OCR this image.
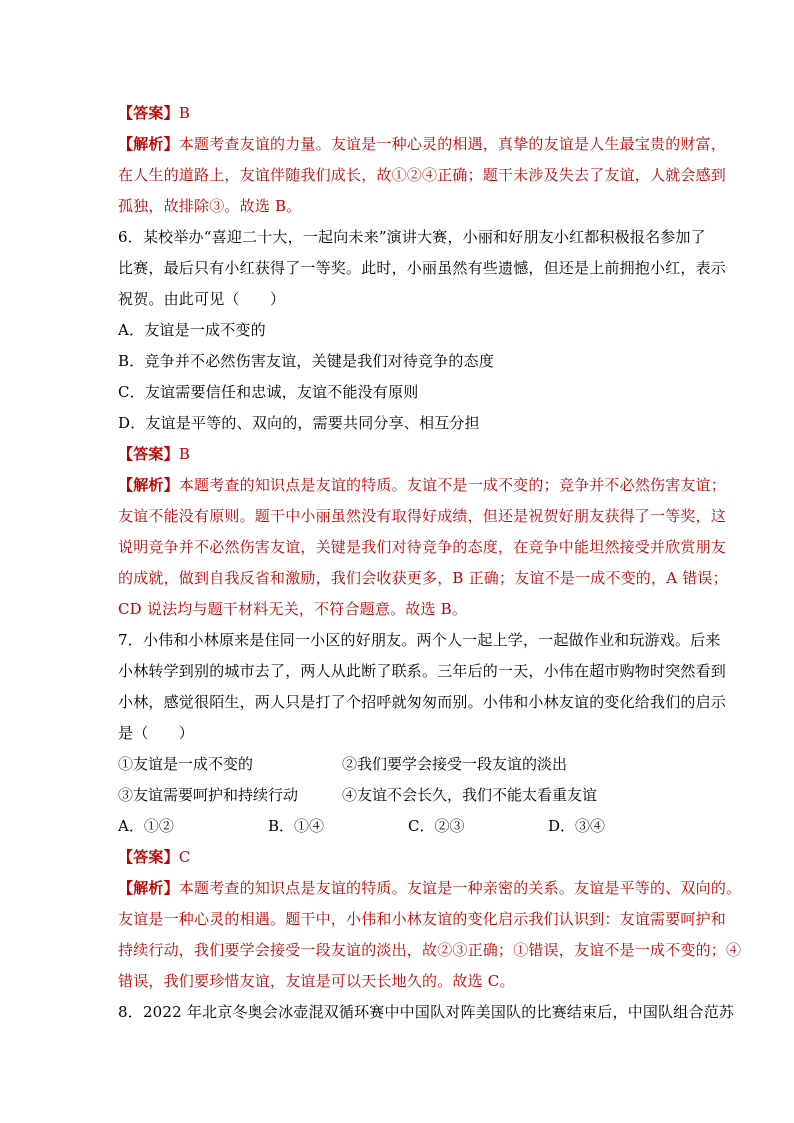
【答案】B
【解析】本题考查友谊的力量。友谊是一种心灵的相遇，真挚的友谊是人生最宝贵的财富，
在人生的道路上，友谊伴随我们成长，故①②④正确；题干未涉及失去了友谊，人就会感到
孤独，故排除③。故选 B。
6．某校举办“喜迎二十大，一起向未来”演讲大赛，小丽和好朋友小红都积极报名参加了
比赛，最后只有小红获得了一等奖。此时，小丽虽然有些遗憾，但还是上前拥抱小红，表示
祝贺。由此可见（　　）
A．友谊是一成不变的
B．竞争并不必然伤害友谊，关键是我们对待竞争的态度
C．友谊需要信任和忠诚，友谊不能没有原则
D．友谊是平等的、双向的，需要共同分享、相互分担
【答案】B
【解析】本题考查的知识点是友谊的特质。友谊不是一成不变的；竞争并不必然伤害友谊；
友谊不能没有原则。题干中小丽虽然没有取得好成绩，但还是祝贺好朋友获得了一等奖，这
说明竞争并不必然伤害友谊，关键是我们对待竞争的态度，在竞争中能坦然接受并欣赏朋友
的成就，做到自我反省和激励，我们会收获更多，B 正确；友谊不是一成不变的，A 错误；
CD 说法均与题干材料无关，不符合题意。故选 B。
7．小伟和小林原来是住同一小区的好朋友。两个人一起上学，一起做作业和玩游戏。后来
小林转学到别的城市去了，两人从此断了联系。三年后的一天，小伟在超市购物时突然看到
小林，感觉很陌生，两人只是打了个招呼就匆匆而别。小伟和小林友谊的变化给我们的启示
是（　　）
①友谊是一成不变的	②我们要学会接受一段友谊的淡出
③友谊需要呵护和持续行动	④友谊不会长久，我们不能太看重友谊
A．①②	B．①④	C．②③	D．③④
【答案】C
【解析】本题考查的知识点是友谊的特质。友谊是一种亲密的关系。友谊是平等的、双向的。
友谊是一种心灵的相遇。题干中，小伟和小林友谊的变化启示我们认识到：友谊需要呵护和
持续行动，我们要学会接受一段友谊的淡出，故②③正确；①错误，友谊不是一成不变的；④
错误，我们要珍惜友谊，友谊是可以天长地久的。故选 C。
8．2022 年北京冬奥会冰壶混双循环赛中中国队对阵美国队的比赛结束后，中国队组合范苏
